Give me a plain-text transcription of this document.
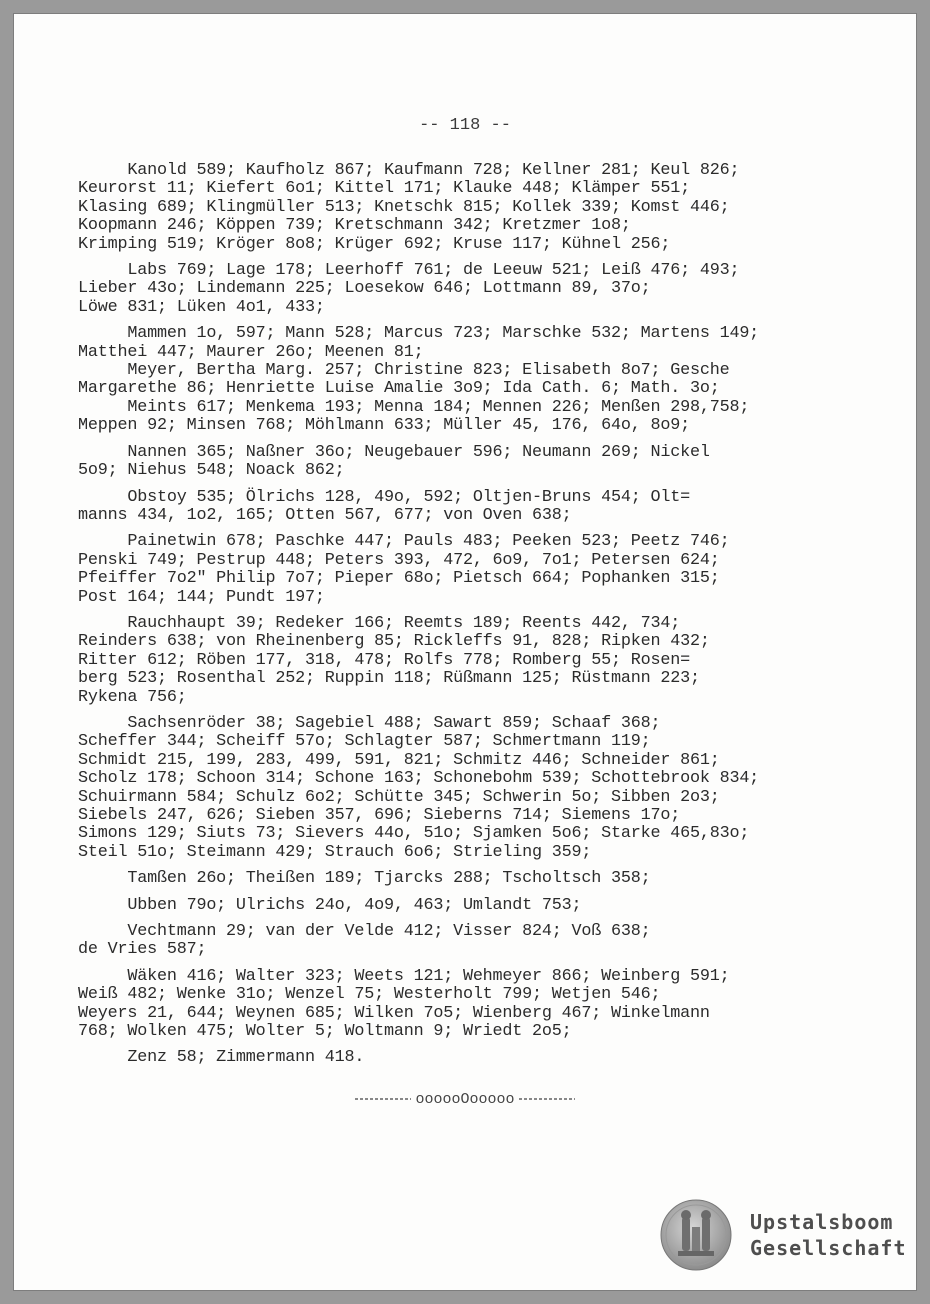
-- 118 --
Kanold 589; Kaufholz 867; Kaufmann 728; Kellner 281; Keul 826;
Keurorst 11; Kiefert 6o1; Kittel 171; Klauke 448; Klämper 551;
Klasing 689; Klingmüller 513; Knetschk 815; Kollek 339; Komst 446;
Koopmann 246; Köppen 739; Kretschmann 342; Kretzmer 1o8;
Krimping 519; Kröger 8o8; Krüger 692; Kruse 117; Kühnel 256;
Labs 769; Lage 178; Leerhoff 761; de Leeuw 521; Leiß 476; 493;
Lieber 43o; Lindemann 225; Loesekow 646; Lottmann 89, 37o;
Löwe 831; Lüken 4o1, 433;
Mammen 1o, 597; Mann 528; Marcus 723; Marschke 532; Martens 149;
Matthei 447; Maurer 26o; Meenen 81;
Meyer, Bertha Marg. 257; Christine 823; Elisabeth 8o7; Gesche
Margarethe 86; Henriette Luise Amalie 3o9; Ida Cath. 6; Math. 3o;
Meints 617; Menkema 193; Menna 184; Mennen 226; Menßen 298,758;
Meppen 92; Minsen 768; Möhlmann 633; Müller 45, 176, 64o, 8o9;
Nannen 365; Naßner 36o; Neugebauer 596; Neumann 269; Nickel
5o9; Niehus 548; Noack 862;
Obstoy 535; Ölrichs 128, 49o, 592; Oltjen-Bruns 454; Olt=
manns 434, 1o2, 165; Otten 567, 677; von Oven 638;
Painetwin 678; Paschke 447; Pauls 483; Peeken 523; Peetz 746;
Penski 749; Pestrup 448; Peters 393, 472, 6o9, 7o1; Petersen 624;
Pfeiffer 7o2" Philip 7o7; Pieper 68o; Pietsch 664; Pophanken 315;
Post 164; 144; Pundt 197;
Rauchhaupt 39; Redeker 166; Reemts 189; Reents 442, 734;
Reinders 638; von Rheinenberg 85; Rickleffs 91, 828; Ripken 432;
Ritter 612; Röben 177, 318, 478; Rolfs 778; Romberg 55; Rosen=
berg 523; Rosenthal 252; Ruppin 118; Rüßmann 125; Rüstmann 223;
Rykena 756;
Sachsenröder 38; Sagebiel 488; Sawart 859; Schaaf 368;
Scheffer 344; Scheiff 57o; Schlagter 587; Schmertmann 119;
Schmidt 215, 199, 283, 499, 591, 821; Schmitz 446; Schneider 861;
Scholz 178; Schoon 314; Schone 163; Schonebohm 539; Schottebrook 834;
Schuirmann 584; Schulz 6o2; Schütte 345; Schwerin 5o; Sibben 2o3;
Siebels 247, 626; Sieben 357, 696; Sieberns 714; Siemens 17o;
Simons 129; Siuts 73; Sievers 44o, 51o; Sjamken 5o6; Starke 465,83o;
Steil 51o; Steimann 429; Strauch 6o6; Strieling 359;
Tamßen 26o; Theißen 189; Tjarcks 288; Tscholtsch 358;
Ubben 79o; Ulrichs 24o, 4o9, 463; Umlandt 753;
Vechtmann 29; van der Velde 412; Visser 824; Voß 638;
de Vries 587;
Wäken 416; Walter 323; Weets 121; Wehmeyer 866; Weinberg 591;
Weiß 482; Wenke 31o; Wenzel 75; Westerholt 799; Wetjen 546;
Weyers 21, 644; Weynen 685; Wilken 7o5; Wienberg 467; Winkelmann
768; Wolken 475; Wolter 5; Woltmann 9; Wriedt 2o5;
Zenz 58; Zimmermann 418.
oooooOooooo
Upstalsboom
Gesellschaft
